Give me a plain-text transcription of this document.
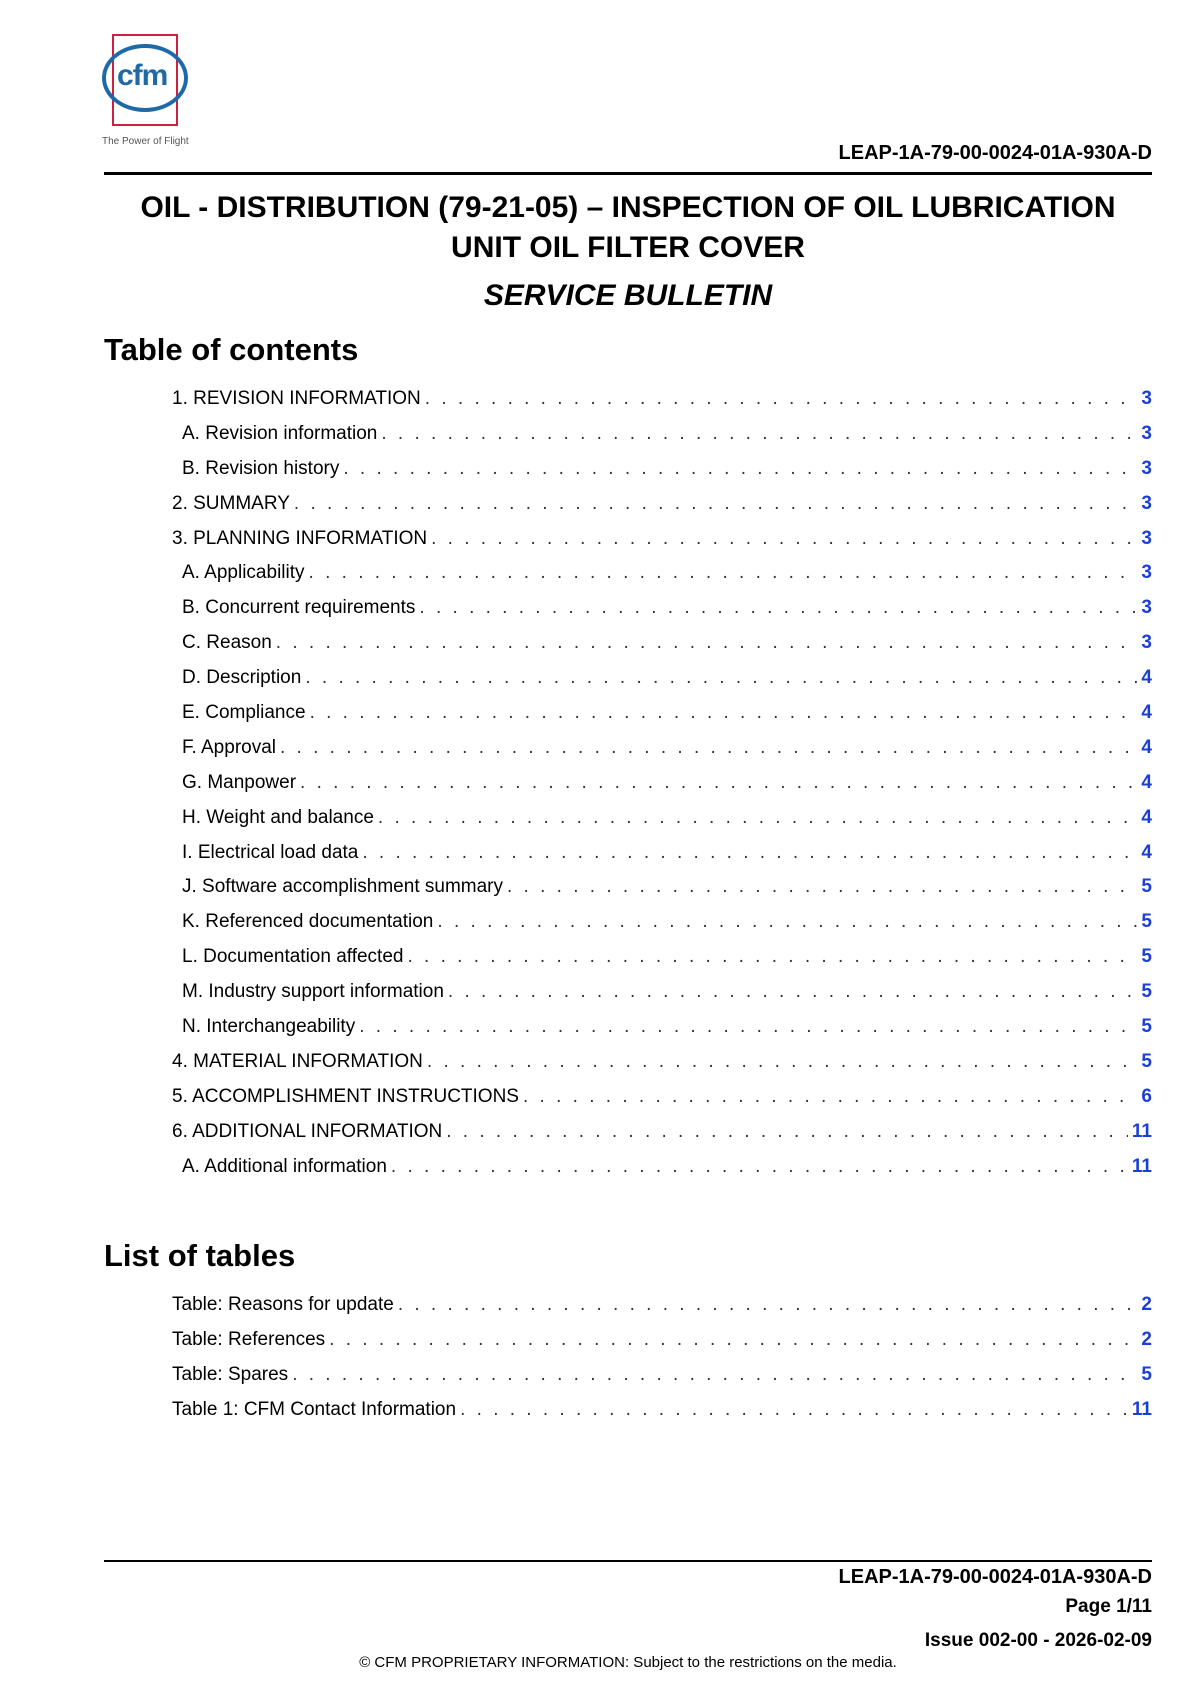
cfm
The Power of Flight
LEAP-1A-79-00-0024-01A-930A-D
OIL - DISTRIBUTION (79-21-05) – INSPECTION OF OIL LUBRICATION UNIT OIL FILTER COVER
SERVICE BULLETIN
Table of contents
1. REVISION INFORMATION . . .	3
A. Revision information . . .	3
B. Revision history . . .	3
2. SUMMARY . . .	3
3. PLANNING INFORMATION . . .	3
A. Applicability . . .	3
B. Concurrent requirements . . .	3
C. Reason . . .	3
D. Description . . .	4
E. Compliance . . .	4
F. Approval . . .	4
G. Manpower . . .	4
H. Weight and balance . . .	4
I. Electrical load data . . .	4
J. Software accomplishment summary . . .	5
K. Referenced documentation . . .	5
L. Documentation affected . . .	5
M. Industry support information . . .	5
N. Interchangeability . . .	5
4. MATERIAL INFORMATION . . .	5
5. ACCOMPLISHMENT INSTRUCTIONS . . .	6
6. ADDITIONAL INFORMATION . . .	11
A. Additional information . . .	11
List of tables
Table: Reasons for update . . .	2
Table: References . . .	2
Table: Spares . . .	5
Table 1: CFM Contact Information . . .	11
LEAP-1A-79-00-0024-01A-930A-D
Page 1/11
Issue 002-00 - 2026-02-09
© CFM PROPRIETARY INFORMATION: Subject to the restrictions on the media.
